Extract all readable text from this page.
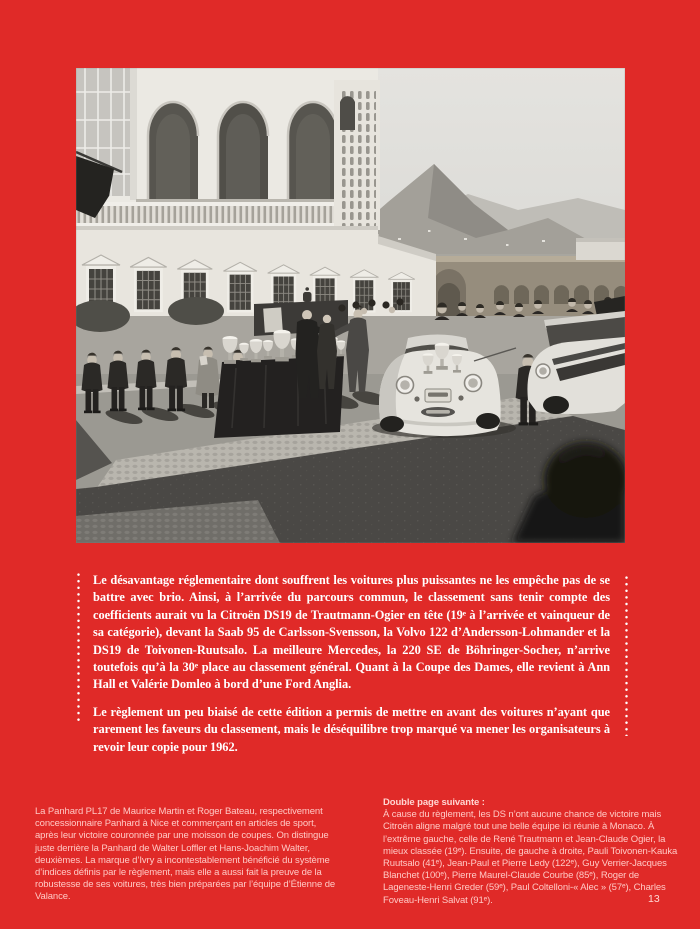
Le désavantage réglementaire dont souffrent les voitures plus puissantes ne les empêche pas de se battre avec brio. Ainsi, à l’arrivée du parcours commun, le classement sans tenir compte des coefficients aurait vu la Citroën DS19 de Trautmann-Ogier en tête (19ᵉ à l’arrivée et vainqueur de sa catégorie), devant la Saab 95 de Carlsson-Svensson, la Volvo 122 d’Andersson-Lohmander et la DS19 de Toivonen-Ruutsalo. La meilleure Mercedes, la 220 SE de Böhringer-Socher, n’arrive toutefois qu’à la 30ᵉ place au classement général. Quant à la Coupe des Dames, elle revient à Ann Hall et Valérie Domleo à bord d’une Ford Anglia.

Le règlement un peu biaisé de cette édition a permis de mettre en avant des voitures n’ayant que rarement les faveurs du classement, mais le déséquilibre trop marqué va mener les organisateurs à revoir leur copie pour 1962.

La Panhard PL17 de Maurice Martin et Roger Bateau, respectivement concessionnaire Panhard à Nice et commerçant en articles de sport, après leur victoire couronnée par une moisson de coupes. On distingue juste derrière la Panhard de Walter Loffler et Hans-Joachim Walter, deuxièmes. La marque d’Ivry a incontestablement bénéficié du système d’indices définis par le règlement, mais elle a aussi fait la preuve de la robustesse de ses voitures, très bien préparées par l’équipe d’Étienne de Valance.
Double page suivante :
À cause du règlement, les DS n’ont aucune chance de victoire mais Citroën aligne malgré tout une belle équipe ici réunie à Monaco. À l’extrême gauche, celle de René Trautmann et Jean-Claude Ogier, la mieux classée (19ᵉ). Ensuite, de gauche à droite, Pauli Toivonen-Kauka Ruutsalo (41ᵉ), Jean-Paul et Pierre Ledy (122ᵉ), Guy Verrier-Jacques Blanchet (100ᵉ), Pierre Maurel-Claude Courbe (85ᵉ), Roger de Lageneste-Henri Greder (59ᵉ), Paul Coltelloni-« Alec » (57ᵉ), Charles Foveau-Henri Salvat (91ᵉ).	13
